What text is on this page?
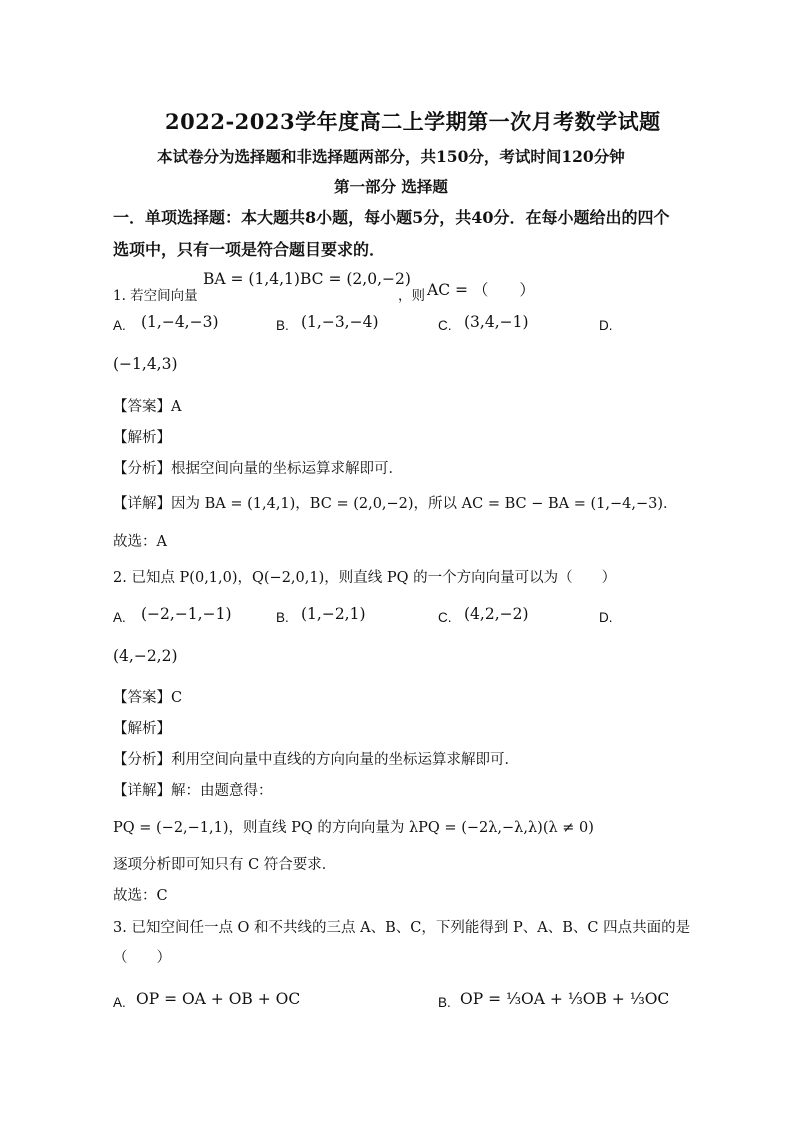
2022-2023学年度高二上学期第一次月考数学试题
本试卷分为选择题和非选择题两部分，共150分，考试时间120分钟
第一部分 选择题
一．单项选择题：本大题共8小题，每小题5分，共40分．在每小题给出的四个
选项中，只有一项是符合题目要求的．
1. 若空间向量
BA = (1,4,1) BC = (2,0,−2)
，则 AC = （　　）
A. (1,−4,−3)	B. (1,−3,−4)	C. (3,4,−1)	D.
(−1,4,3)
【答案】A
【解析】
【分析】根据空间向量的坐标运算求解即可．
【详解】因为 BA = (1,4,1)，BC = (2,0,−2)，所以 AC = BC − BA = (1,−4,−3)．
故选：A
2. 已知点 P(0,1,0)，Q(−2,0,1)，则直线 PQ 的一个方向向量可以为（　　）
A. (−2,−1,−1)	B. (1,−2,1)	C. (4,2,−2)	D.
(4,−2,2)
【答案】C
【解析】
【分析】利用空间向量中直线的方向向量的坐标运算求解即可．
【详解】解：由题意得：
PQ = (−2,−1,1)，则直线 PQ 的方向向量为 λPQ = (−2λ,−λ,λ)(λ ≠ 0)
逐项分析即可知只有 C 符合要求．
故选：C
3. 已知空间任一点 O 和不共线的三点 A、B、C，下列能得到 P、A、B、C 四点共面的是
（　　）
A. OP = OA + OB + OC	B. OP = ⅓OA + ⅓OB + ⅓OC
